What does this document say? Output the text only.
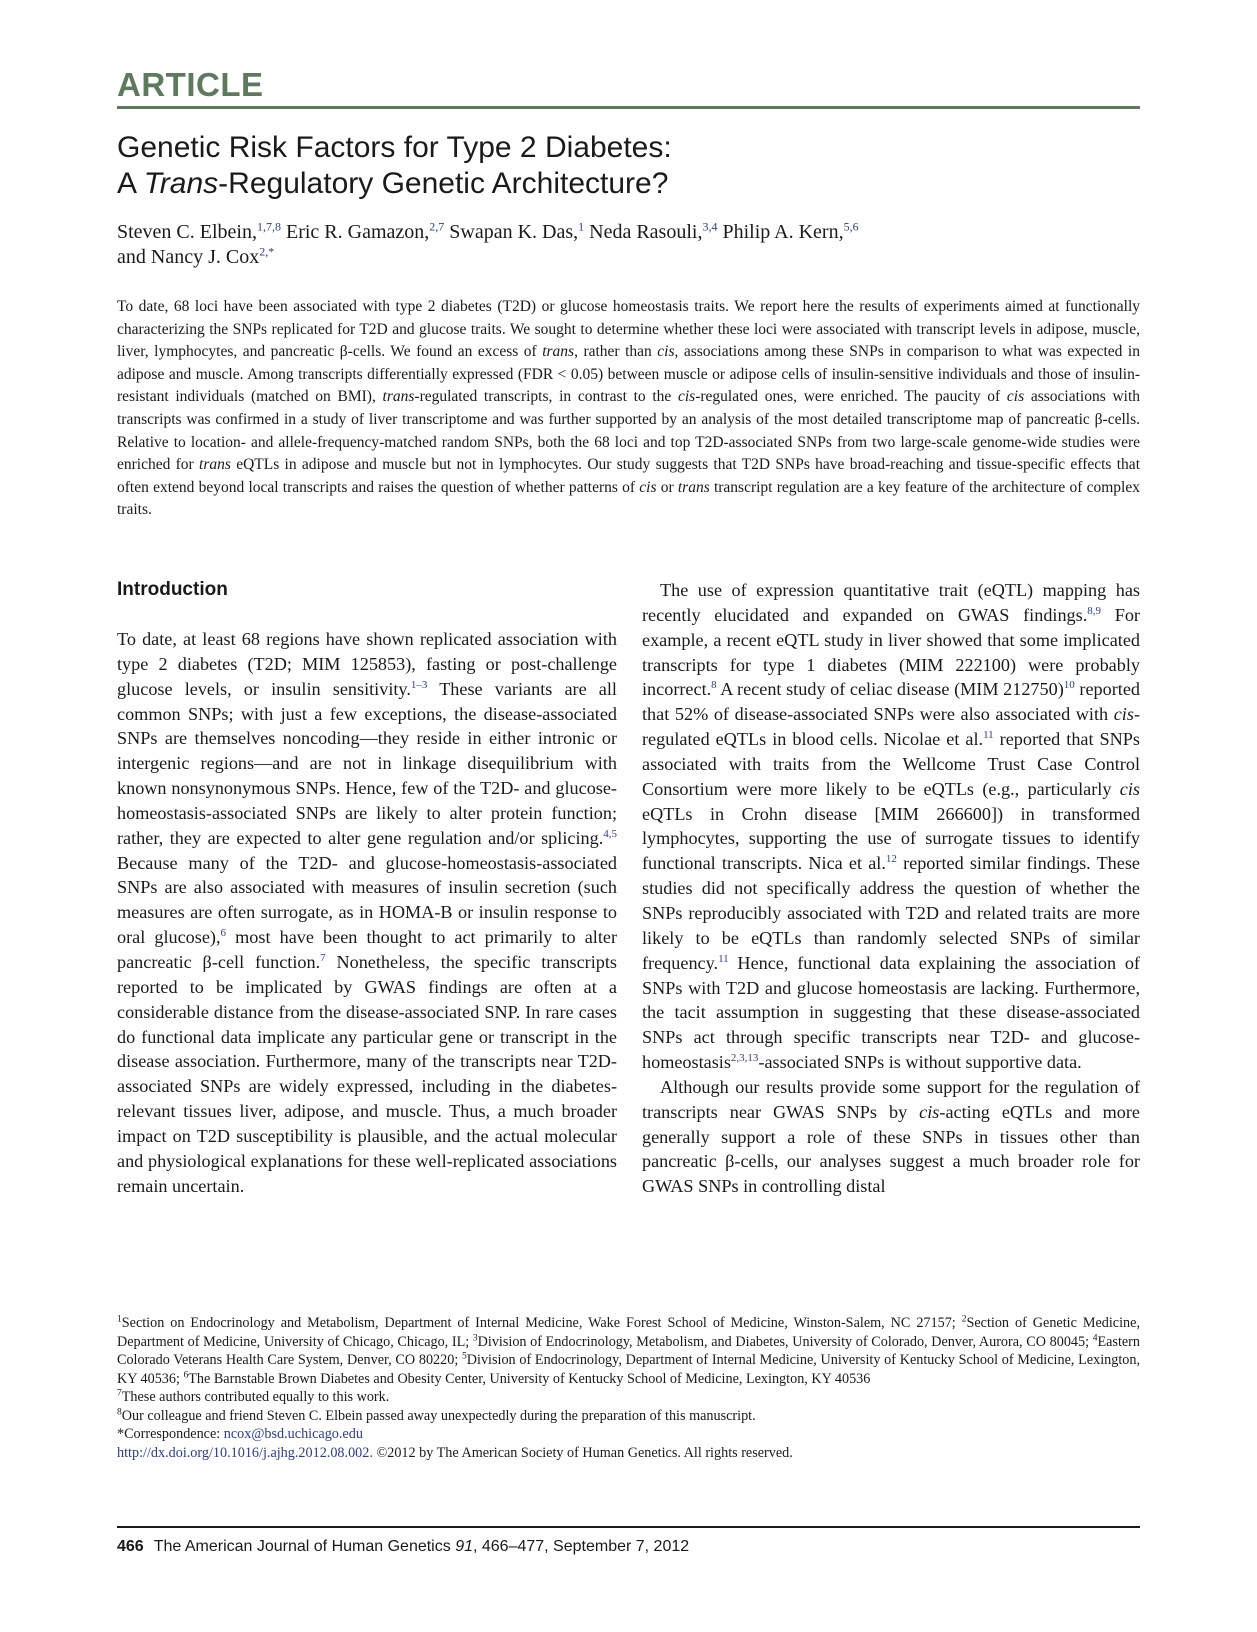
ARTICLE
Genetic Risk Factors for Type 2 Diabetes:
A Trans-Regulatory Genetic Architecture?
Steven C. Elbein,$^{1,7,8}$ Eric R. Gamazon,$^{2,7}$ Swapan K. Das,$^1$ Neda Rasouli,$^{3,4}$ Philip A. Kern,$^{5,6}$
and Nancy J. Cox$^{2,*}$

To date, 68 loci have been associated with type 2 diabetes (T2D) or glucose homeostasis traits. We report here the results of experiments aimed at functionally characterizing the SNPs replicated for T2D and glucose traits. We sought to determine whether these loci were associated with transcript levels in adipose, muscle, liver, lymphocytes, and pancreatic β-cells. We found an excess of trans, rather than cis, associations among these SNPs in comparison to what was expected in adipose and muscle. Among transcripts differentially expressed (FDR < 0.05) between muscle or adipose cells of insulin-sensitive individuals and those of insulin-resistant individuals (matched on BMI), trans-regulated transcripts, in contrast to the cis-regulated ones, were enriched. The paucity of cis associations with transcripts was confirmed in a study of liver transcriptome and was further supported by an analysis of the most detailed transcriptome map of pancreatic β-cells. Relative to location- and allele-frequency-matched random SNPs, both the 68 loci and top T2D-associated SNPs from two large-scale genome-wide studies were enriched for trans eQTLs in adipose and muscle but not in lymphocytes. Our study suggests that T2D SNPs have broad-reaching and tissue-specific effects that often extend beyond local transcripts and raises the question of whether patterns of cis or trans transcript regulation are a key feature of the architecture of complex traits.

Introduction

To date, at least 68 regions have shown replicated association with type 2 diabetes (T2D; MIM 125853), fasting or post-challenge glucose levels, or insulin sensitivity.$^{1-3}$ These variants are all common SNPs; with just a few exceptions, the disease-associated SNPs are themselves noncoding—they reside in either intronic or intergenic regions—and are not in linkage disequilibrium with known nonsynonymous SNPs. Hence, few of the T2D- and glucose-homeostasis-associated SNPs are likely to alter protein function; rather, they are expected to alter gene regulation and/or splicing.$^{4,5}$ Because many of the T2D- and glucose-homeostasis-associated SNPs are also associated with measures of insulin secretion (such measures are often surrogate, as in HOMA-B or insulin response to oral glucose),$^6$ most have been thought to act primarily to alter pancreatic β-cell function.$^7$ Nonetheless, the specific transcripts reported to be implicated by GWAS findings are often at a considerable distance from the disease-associated SNP. In rare cases do functional data implicate any particular gene or transcript in the disease association. Furthermore, many of the transcripts near T2D-associated SNPs are widely expressed, including in the diabetes-relevant tissues liver, adipose, and muscle. Thus, a much broader impact on T2D susceptibility is plausible, and the actual molecular and physiological explanations for these well-replicated associations remain uncertain.

The use of expression quantitative trait (eQTL) mapping has recently elucidated and expanded on GWAS findings.$^{8,9}$ For example, a recent eQTL study in liver showed that some implicated transcripts for type 1 diabetes (MIM 222100) were probably incorrect.$^8$ A recent study of celiac disease (MIM 212750)$^{10}$ reported that 52% of disease-associated SNPs were also associated with cis-regulated eQTLs in blood cells. Nicolae et al.$^{11}$ reported that SNPs associated with traits from the Wellcome Trust Case Control Consortium were more likely to be eQTLs (e.g., particularly cis eQTLs in Crohn disease [MIM 266600]) in transformed lymphocytes, supporting the use of surrogate tissues to identify functional transcripts. Nica et al.$^{12}$ reported similar findings. These studies did not specifically address the question of whether the SNPs reproducibly associated with T2D and related traits are more likely to be eQTLs than randomly selected SNPs of similar frequency.$^{11}$ Hence, functional data explaining the association of SNPs with T2D and glucose homeostasis are lacking. Furthermore, the tacit assumption in suggesting that these disease-associated SNPs act through specific transcripts near T2D- and glucose-homeostasis$^{2,3,13}$-associated SNPs is without supportive data.

Although our results provide some support for the regulation of transcripts near GWAS SNPs by cis-acting eQTLs and more generally support a role of these SNPs in tissues other than pancreatic β-cells, our analyses suggest a much broader role for GWAS SNPs in controlling distal

$^1$Section on Endocrinology and Metabolism, Department of Internal Medicine, Wake Forest School of Medicine, Winston-Salem, NC 27157; $^2$Section of Genetic Medicine, Department of Medicine, University of Chicago, Chicago, IL; $^3$Division of Endocrinology, Metabolism, and Diabetes, University of Colorado, Denver, Aurora, CO 80045; $^4$Eastern Colorado Veterans Health Care System, Denver, CO 80220; $^5$Division of Endocrinology, Department of Internal Medicine, University of Kentucky School of Medicine, Lexington, KY 40536; $^6$The Barnstable Brown Diabetes and Obesity Center, University of Kentucky School of Medicine, Lexington, KY 40536

$^7$These authors contributed equally to this work.

$^8$Our colleague and friend Steven C. Elbein passed away unexpectedly during the preparation of this manuscript.

*Correspondence: ncox@bsd.uchicago.edu

http://dx.doi.org/10.1016/j.ajhg.2012.08.002. ©2012 by The American Society of Human Genetics. All rights reserved.

466 The American Journal of Human Genetics 91, 466–477, September 7, 2012
